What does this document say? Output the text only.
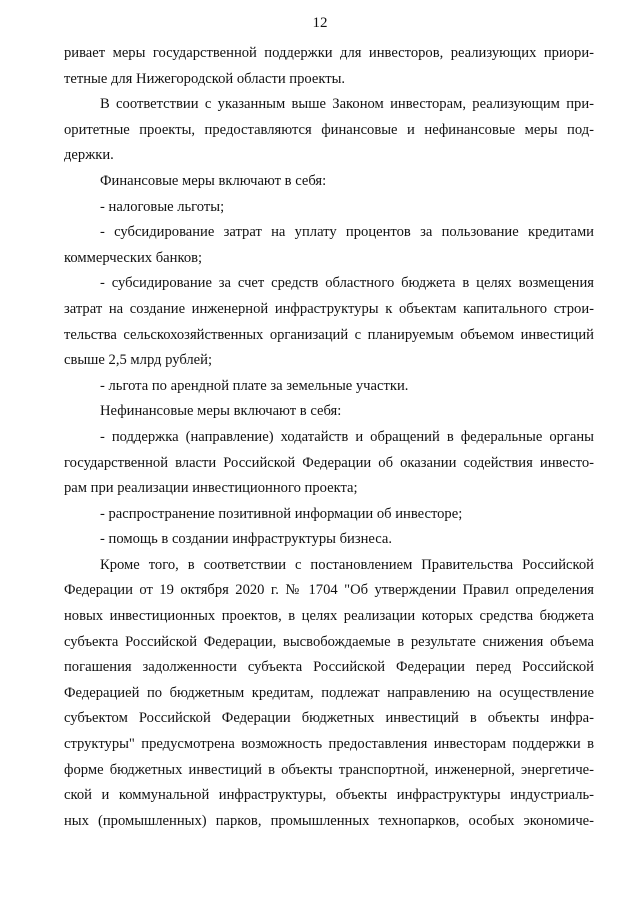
12

ривает меры государственной поддержки для инвесторов, реализующих приори-

тетные для Нижегородской области проекты.

В соответствии с указанным выше Законом инвесторам, реализующим при-

оритетные проекты, предоставляются финансовые и нефинансовые меры под-

держки.

Финансовые меры включают в себя:

- налоговые льготы;

- субсидирование затрат на уплату процентов за пользование кредитами

коммерческих банков;

- субсидирование за счет средств областного бюджета в целях возмещения

затрат на создание инженерной инфраструктуры к объектам капитального строи-

тельства сельскохозяйственных организаций с планируемым объемом инвестиций

свыше 2,5 млрд рублей;

- льгота по арендной плате за земельные участки.

Нефинансовые меры включают в себя:

- поддержка (направление) ходатайств и обращений в федеральные органы

государственной власти Российской Федерации об оказании содействия инвесто-

рам при реализации инвестиционного проекта;

- распространение позитивной информации об инвесторе;

- помощь в создании инфраструктуры бизнеса.

Кроме того, в соответствии с постановлением Правительства Российской

Федерации от 19 октября 2020 г. № 1704 "Об утверждении Правил определения

новых инвестиционных проектов, в целях реализации которых средства бюджета

субъекта Российской Федерации, высвобождаемые в результате снижения объема

погашения задолженности субъекта Российской Федерации перед Российской

Федерацией по бюджетным кредитам, подлежат направлению на осуществление

субъектом Российской Федерации бюджетных инвестиций в объекты инфра-

структуры" предусмотрена возможность предоставления инвесторам поддержки в

форме бюджетных инвестиций в объекты транспортной, инженерной, энергетиче-

ской и коммунальной инфраструктуры, объекты инфраструктуры индустриаль-

ных (промышленных) парков, промышленных технопарков, особых экономиче-
